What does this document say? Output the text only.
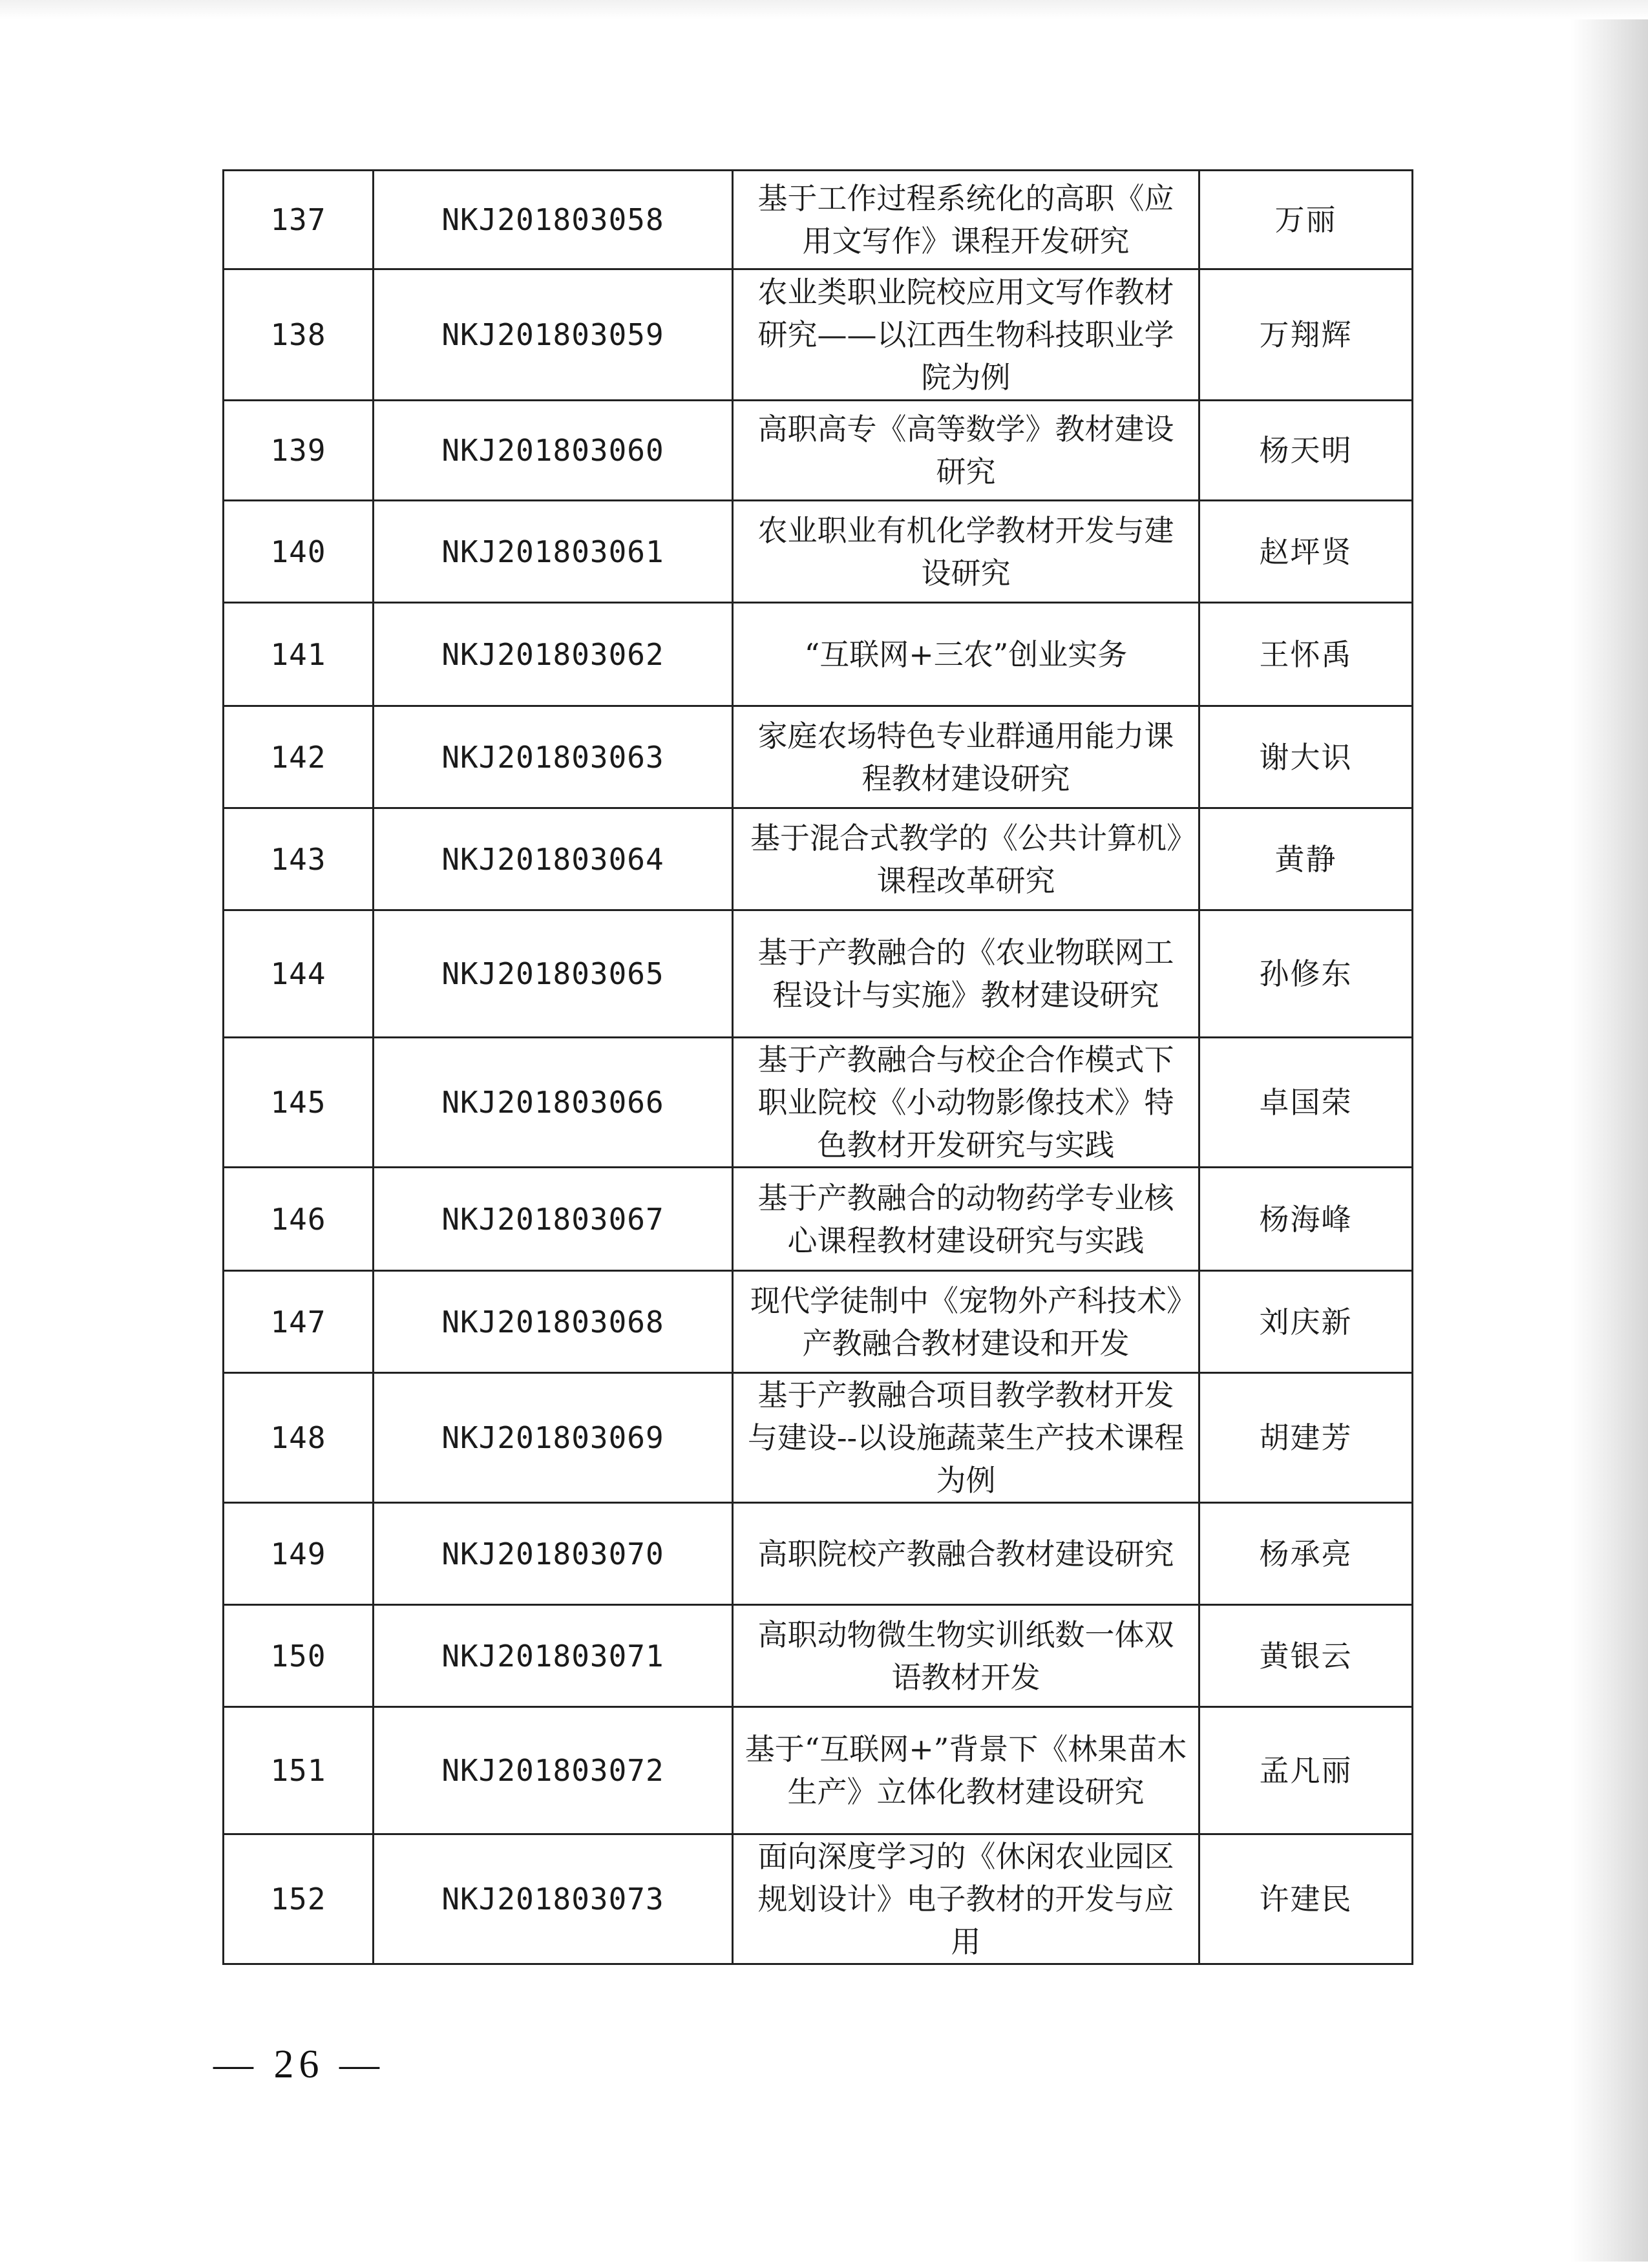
137	NKJ201803058	基于工作过程系统化的高职《应用文写作》课程开发研究	万丽
138	NKJ201803059	农业类职业院校应用文写作教材研究——以江西生物科技职业学院为例	万翔辉
139	NKJ201803060	高职高专《高等数学》教材建设研究	杨天明
140	NKJ201803061	农业职业有机化学教材开发与建设研究	赵坪贤
141	NKJ201803062	“互联网+三农”创业实务	王怀禹
142	NKJ201803063	家庭农场特色专业群通用能力课程教材建设研究	谢大识
143	NKJ201803064	基于混合式教学的《公共计算机》课程改革研究	黄静
144	NKJ201803065	基于产教融合的《农业物联网工程设计与实施》教材建设研究	孙修东
145	NKJ201803066	基于产教融合与校企合作模式下职业院校《小动物影像技术》特色教材开发研究与实践	卓国荣
146	NKJ201803067	基于产教融合的动物药学专业核心课程教材建设研究与实践	杨海峰
147	NKJ201803068	现代学徒制中《宠物外产科技术》产教融合教材建设和开发	刘庆新
148	NKJ201803069	基于产教融合项目教学教材开发与建设--以设施蔬菜生产技术课程为例	胡建芳
149	NKJ201803070	高职院校产教融合教材建设研究	杨承亮
150	NKJ201803071	高职动物微生物实训纸数一体双语教材开发	黄银云
151	NKJ201803072	基于“互联网+”背景下《林果苗木生产》立体化教材建设研究	孟凡丽
152	NKJ201803073	面向深度学习的《休闲农业园区规划设计》电子教材的开发与应用	许建民
— 26 —
